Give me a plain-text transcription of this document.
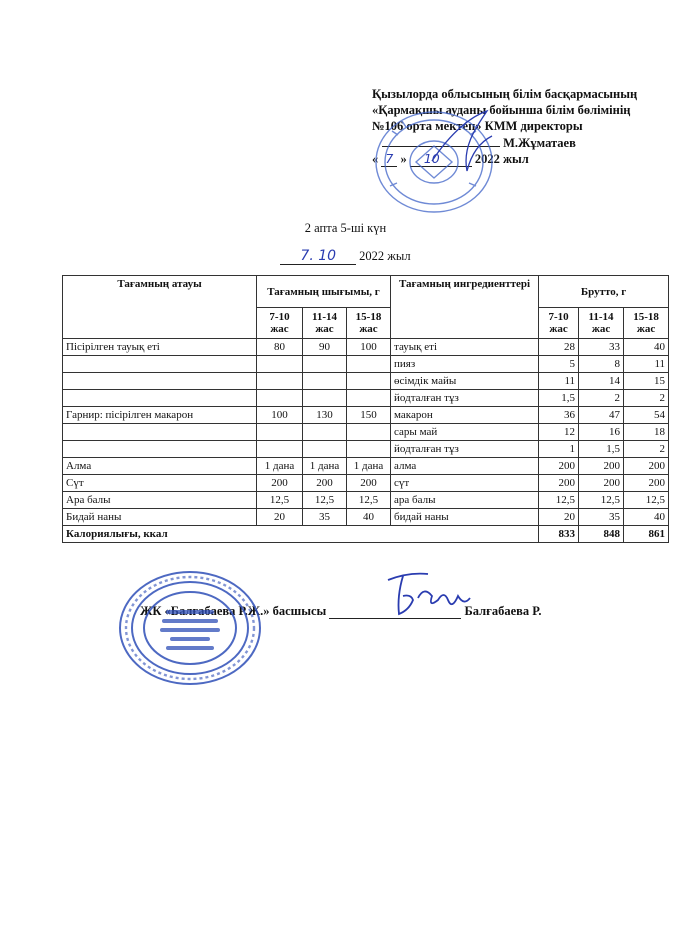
Қызылорда облысының білім басқармасының
«Қармақшы ауданы бойынша білім бөлімінің
№106 орта мектеп» КММ директоры
М.Жұматаев
« 7 » 10	2022 жыл
2 апта 5-ші күн
7. 10 2022 жыл
Тағамның атауы	Тағамның шығымы, г			Тағамның ингредиенттері	Брутто, г		
	7-10 жас	11-14 жас	15-18 жас		7-10 жас	11-14 жас	15-18 жас
Пісірілген тауық еті	80	90	100	тауық еті	28	33	40
				пияз	5	8	11
				өсімдік майы	11	14	15
				йодталған тұз	1,5	2	2
Гарнир: пісірілген макарон	100	130	150	макарон	36	47	54
				сары май	12	16	18
				йодталған тұз	1	1,5	2
Алма	1 дана	1 дана	1 дана	алма	200	200	200
Сүт	200	200	200	сүт	200	200	200
Ара балы	12,5	12,5	12,5	ара балы	12,5	12,5	12,5
Бидай наны	20	35	40	бидай наны	20	35	40
Калориялығы, ккал					833	848	861
ЖК «Балғабаева Р.Ж.» басшысы	Балғабаева Р.
